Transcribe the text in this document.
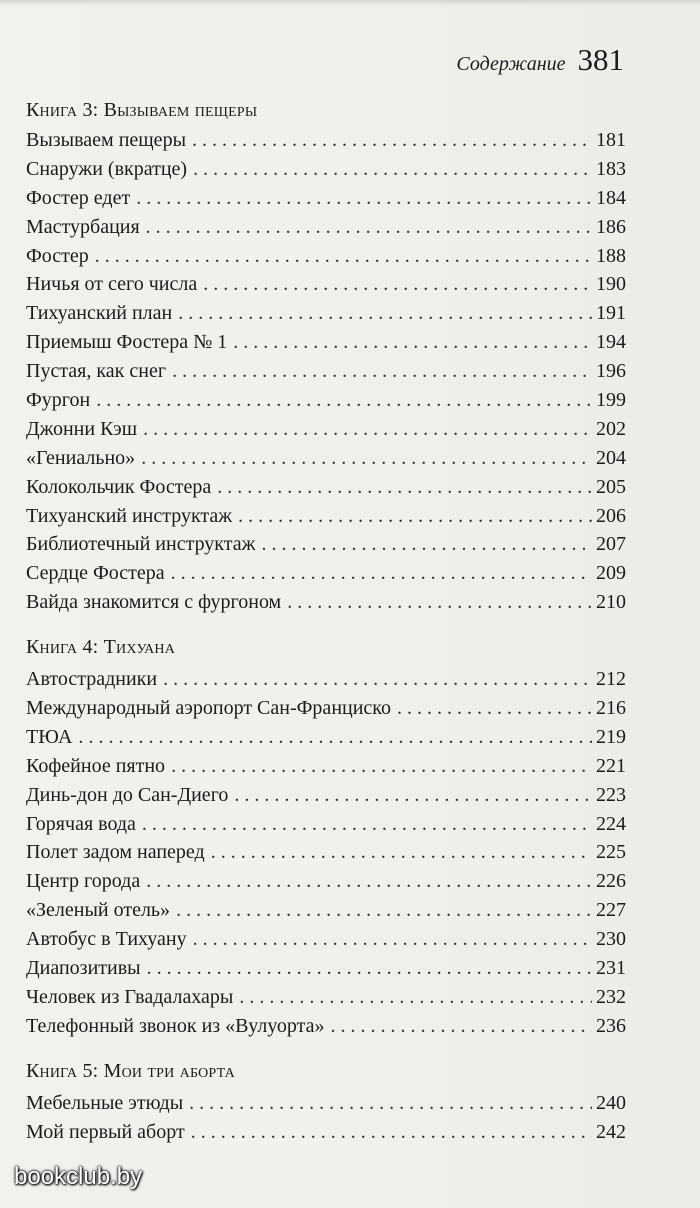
Содержание 381
Книга 3: Вызываем пещеры
Вызываем пещеры . . .	181
Снаружи (вкратце) . . .	183
Фостер едет . . .	184
Мастурбация . . .	186
Фостер . . .	188
Ничья от сего числа . . .	190
Тихуанский план . . .	191
Приемыш Фостера № 1 . . .	194
Пустая, как снег . . .	196
Фургон . . .	199
Джонни Кэш . . .	202
«Гениально» . . .	204
Колокольчик Фостера . . .	205
Тихуанский инструктаж . . .	206
Библиотечный инструктаж . . .	207
Сердце Фостера . . .	209
Вайда знакомится с фургоном . . .	210
Книга 4: Тихуана
Автострадники . . .	212
Международный аэропорт Сан-Франциско . . .	216
ТЮА . . .	219
Кофейное пятно . . .	221
Динь-дон до Сан-Диего . . .	223
Горячая вода . . .	224
Полет задом наперед . . .	225
Центр города . . .	226
«Зеленый отель» . . .	227
Автобус в Тихуану . . .	230
Диапозитивы . . .	231
Человек из Гвадалахары . . .	232
Телефонный звонок из «Вулуорта» . . .	236
Книга 5: Мои три аборта
Мебельные этюды . . .	240
Мой первый аборт . . .	242
bookclub.by
